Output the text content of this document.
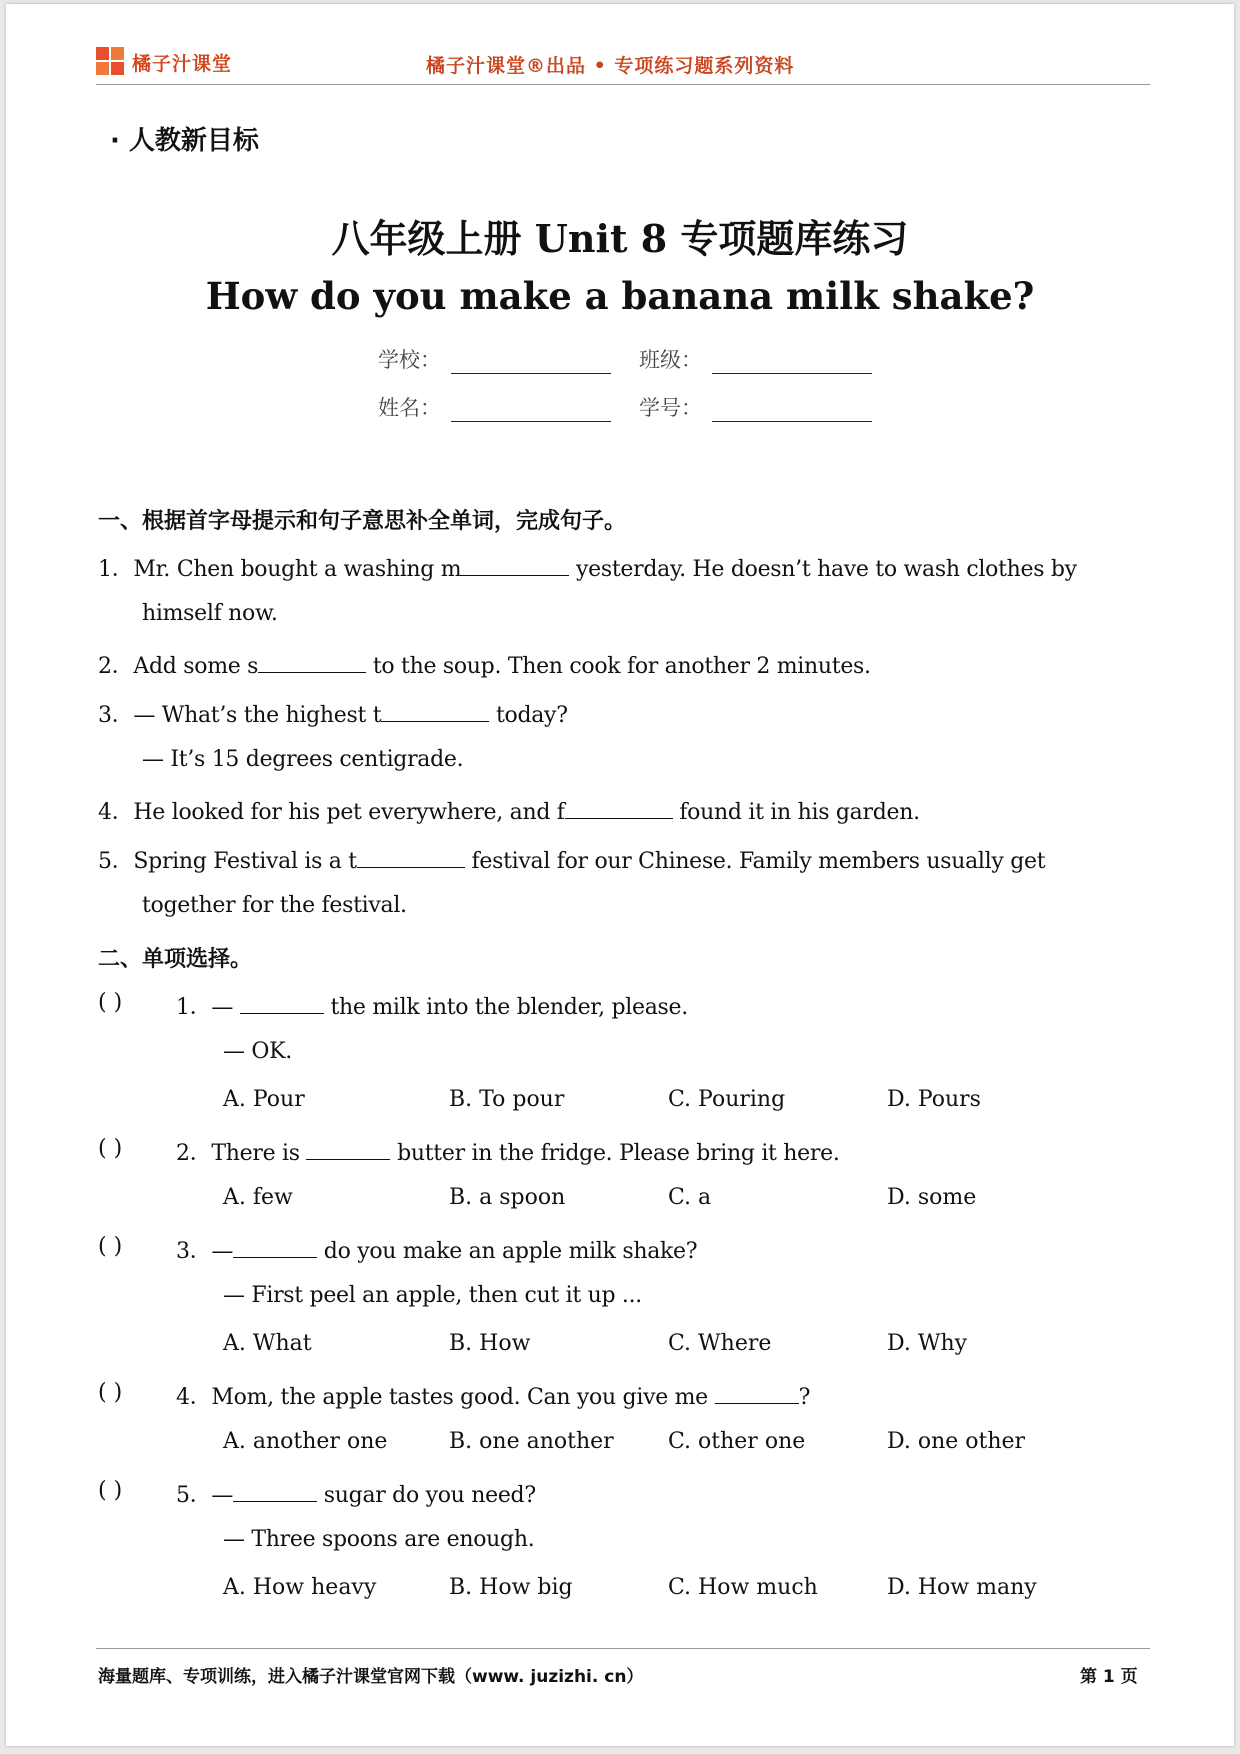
橘子汁课堂	橘子汁课堂®出品 • 专项练习题系列资料
· 人教新目标
八年级上册 Unit 8 专项题库练习
How do you make a banana milk shake?
学校：	班级：
姓名：	学号：
一、根据首字母提示和句子意思补全单词，完成句子。
1．Mr. Chen bought a washing m	yesterday. He doesn’t have to wash clothes by
himself now.
2．Add some s	to the soup. Then cook for another 2 minutes.
3．— What’s the highest t	today?
— It’s 15 degrees centigrade.
4．He looked for his pet everywhere, and f	found it in his garden.
5．Spring Festival is a t	festival for our Chinese. Family members usually get
together for the festival.
二、单项选择。
( ) 1．—	the milk into the blender, please.
— OK.
A. Pour	B. To pour	C. Pouring	D. Pours
( ) 2．There is	butter in the fridge. Please bring it here.
A. few	B. a spoon	C. a	D. some
( ) 3．—	do you make an apple milk shake?
— First peel an apple, then cut it up ...
A. What	B. How	C. Where	D. Why
( ) 4．Mom, the apple tastes good. Can you give me	?
A. another one	B. one another C. other one	D. one other
( ) 5．—	sugar do you need?
— Three spoons are enough.
A. How heavy	B. How big	C. How much	D. How many
海量题库、专项训练，进入橘子汁课堂官网下载（www. juzizhi. cn）	第 1 页
